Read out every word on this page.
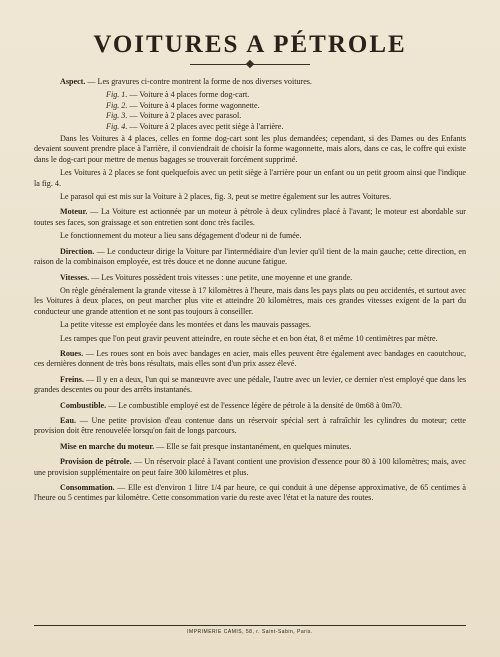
VOITURES A PÉTROLE

Aspect. — Les gravures ci-contre montrent la forme de nos diverses voitures.

Fig. 1. — Voiture à 4 places forme dog-cart.
Fig. 2. — Voiture à 4 places forme wagonnette.
Fig. 3. — Voiture à 2 places avec parasol.
Fig. 4. — Voiture à 2 places avec petit siège à l'arrière.

Dans les Voitures à 4 places, celles en forme dog-cart sont les plus demandées; cependant, si des Dames ou des Enfants devaient souvent prendre place à l'arrière, il conviendrait de choisir la forme wagonnette, mais alors, dans ce cas, le coffre qui existe dans le dog-cart pour mettre de menus bagages se trouverait forcément supprimé.

Les Voitures à 2 places se font quelquefois avec un petit siège à l'arrière pour un enfant ou un petit groom ainsi que l'indique la fig. 4.

Le parasol qui est mis sur la Voiture à 2 places, fig. 3, peut se mettre également sur les autres Voitures.

Moteur. — La Voiture est actionnée par un moteur à pétrole à deux cylindres placé à l'avant; le moteur est abordable sur toutes ses faces, son graissage et son entretien sont donc très faciles.

Le fonctionnement du moteur a lieu sans dégagement d'odeur ni de fumée.

Direction. — Le conducteur dirige la Voiture par l'intermédiaire d'un levier qu'il tient de la main gauche; cette direction, en raison de la combinaison employée, est très douce et ne donne aucune fatigue.

Vitesses. — Les Voitures possèdent trois vitesses : une petite, une moyenne et une grande.

On règle généralement la grande vitesse à 17 kilomètres à l'heure, mais dans les pays plats ou peu accidentés, et surtout avec les Voitures à deux places, on peut marcher plus vite et atteindre 20 kilomètres, mais ces grandes vitesses exigent de la part du conducteur une grande attention et ne sont pas toujours à conseiller.

La petite vitesse est employée dans les montées et dans les mauvais passages.

Les rampes que l'on peut gravir peuvent atteindre, en route sèche et en bon état, 8 et même 10 centimètres par mètre.

Roues. — Les roues sont en bois avec bandages en acier, mais elles peuvent être également avec bandages en caoutchouc, ces dernières donnent de très bons résultats, mais elles sont d'un prix assez élevé.

Freins. — Il y en a deux, l'un qui se manœuvre avec une pédale, l'autre avec un levier, ce dernier n'est employé que dans les grandes descentes ou pour des arrêts instantanés.

Combustible. — Le combustible employé est de l'essence légère de pétrole à la densité de 0m68 à 0m70.

Eau. — Une petite provision d'eau contenue dans un réservoir spécial sert à rafraîchir les cylindres du moteur; cette provision doit être renouvelée lorsqu'on fait de longs parcours.

Mise en marche du moteur. — Elle se fait presque instantanément, en quelques minutes.

Provision de pétrole. — Un réservoir placé à l'avant contient une provision d'essence pour 80 à 100 kilomètres; mais, avec une provision supplémentaire on peut faire 300 kilomètres et plus.

Consommation. — Elle est d'environ 1 litre 1/4 par heure, ce qui conduit à une dépense approximative, de 65 centimes à l'heure ou 5 centimes par kilomètre. Cette consommation varie du reste avec l'état et la nature des routes.

IMPRIMERIE CAMIS, 58, r. Saint-Sabin, Paris.
